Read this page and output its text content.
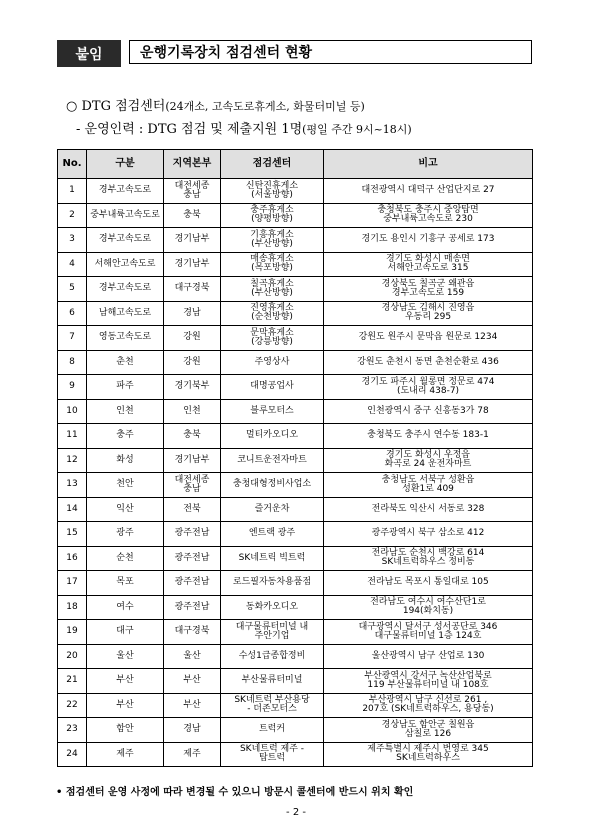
붙임	운행기록장치 점검센터 현황
○ DTG 점검센터(24개소, 고속도로휴게소, 화물터미널 등)
- 운영인력 : DTG 점검 및 제출지원 1명(평일 주간 9시~18시)
No.	구분	지역본부	점검센터	비고
1	경부고속도로	대전세종
충남	신탄진휴게소
(서울방향)	대전광역시 대덕구 산업단지로 27
2	중부내륙고속도로	충북	충주휴게소
(양평방향)	충청북도 충주시 중앙탑면
중부내륙고속도로 230
3	경부고속도로	경기남부	기흥휴게소
(부산방향)	경기도 용인시 기흥구 공세로 173
4	서해안고속도로	경기남부	매송휴게소
(목포방향)	경기도 화성시 매송면
서해안고속도로 315
5	경부고속도로	대구경북	칠곡휴게소
(부산방향)	경상북도 칠곡군 왜관읍
경부고속도로 159
6	남해고속도로	경남	진영휴게소
(순천방향)	경상남도 김해시 진영읍
우동리 295
7	영동고속도로	강원	문막휴게소
(강릉방향)	강원도 원주시 문막읍 원문로 1234
8	춘천	강원	주영상사	강원도 춘천시 동면 춘천순환로 436
9	파주	경기북부	대명공업사	경기도 파주시 월롱면 정문로 474
(도내리 438-7)
10	인천	인천	블루모터스	인천광역시 중구 신흥동3가 78
11	충주	충북	멀티카오디오	충청북도 충주시 연수동 183-1
12	화성	경기남부	코니트운전자마트	경기도 화성시 우정읍
화곡로 24 운전자마트
13	천안	대전세종
충남	충청대형정비사업소	충청남도 서북구 성환읍
성환1로 409
14	익산	전북	즐거운차	전라북도 익산시 서동로 328
15	광주	광주전남	엔트랙 광주	광주광역시 북구 삼소로 412
16	순천	광주전남	SK네트릭 빅트럭	전라남도 순천시 백강로 614
SK네트럭하우스 정비동
17	목포	광주전남	로드필자동차용품점	전라남도 목포시 통일대로 105
18	여수	광주전남	동화카오디오	전라남도 여수시 여수산단1로
194(화치동)
19	대구	대구경북	대구물류터미널 내
주안기업	대구광역시 달서구 성서공단로 346
대구물류터미널 1층 124호
20	울산	울산	수성1급종합정비	울산광역시 남구 산업로 130
21	부산	부산	부산물류터미널	부산광역시 강서구 녹산산업북로
119 부산물류터미널 내 108호
22	부산	부산	SK네트럭 부산용당
- 더존모터스	부산광역시 남구 신선로 261 ,
207호 (SK네트럭하우스, 용당동)
23	함안	경남	트럭커	경상남도 함안군 칠원읍
삼칠로 126
24	제주	제주	SK네트럭 제주 -
탑트럭	제주특별시 제주시 번영로 345
SK네트럭하우스
• 점검센터 운영 사정에 따라 변경될 수 있으니 방문시 콜센터에 반드시 위치 확인
- 2 -
